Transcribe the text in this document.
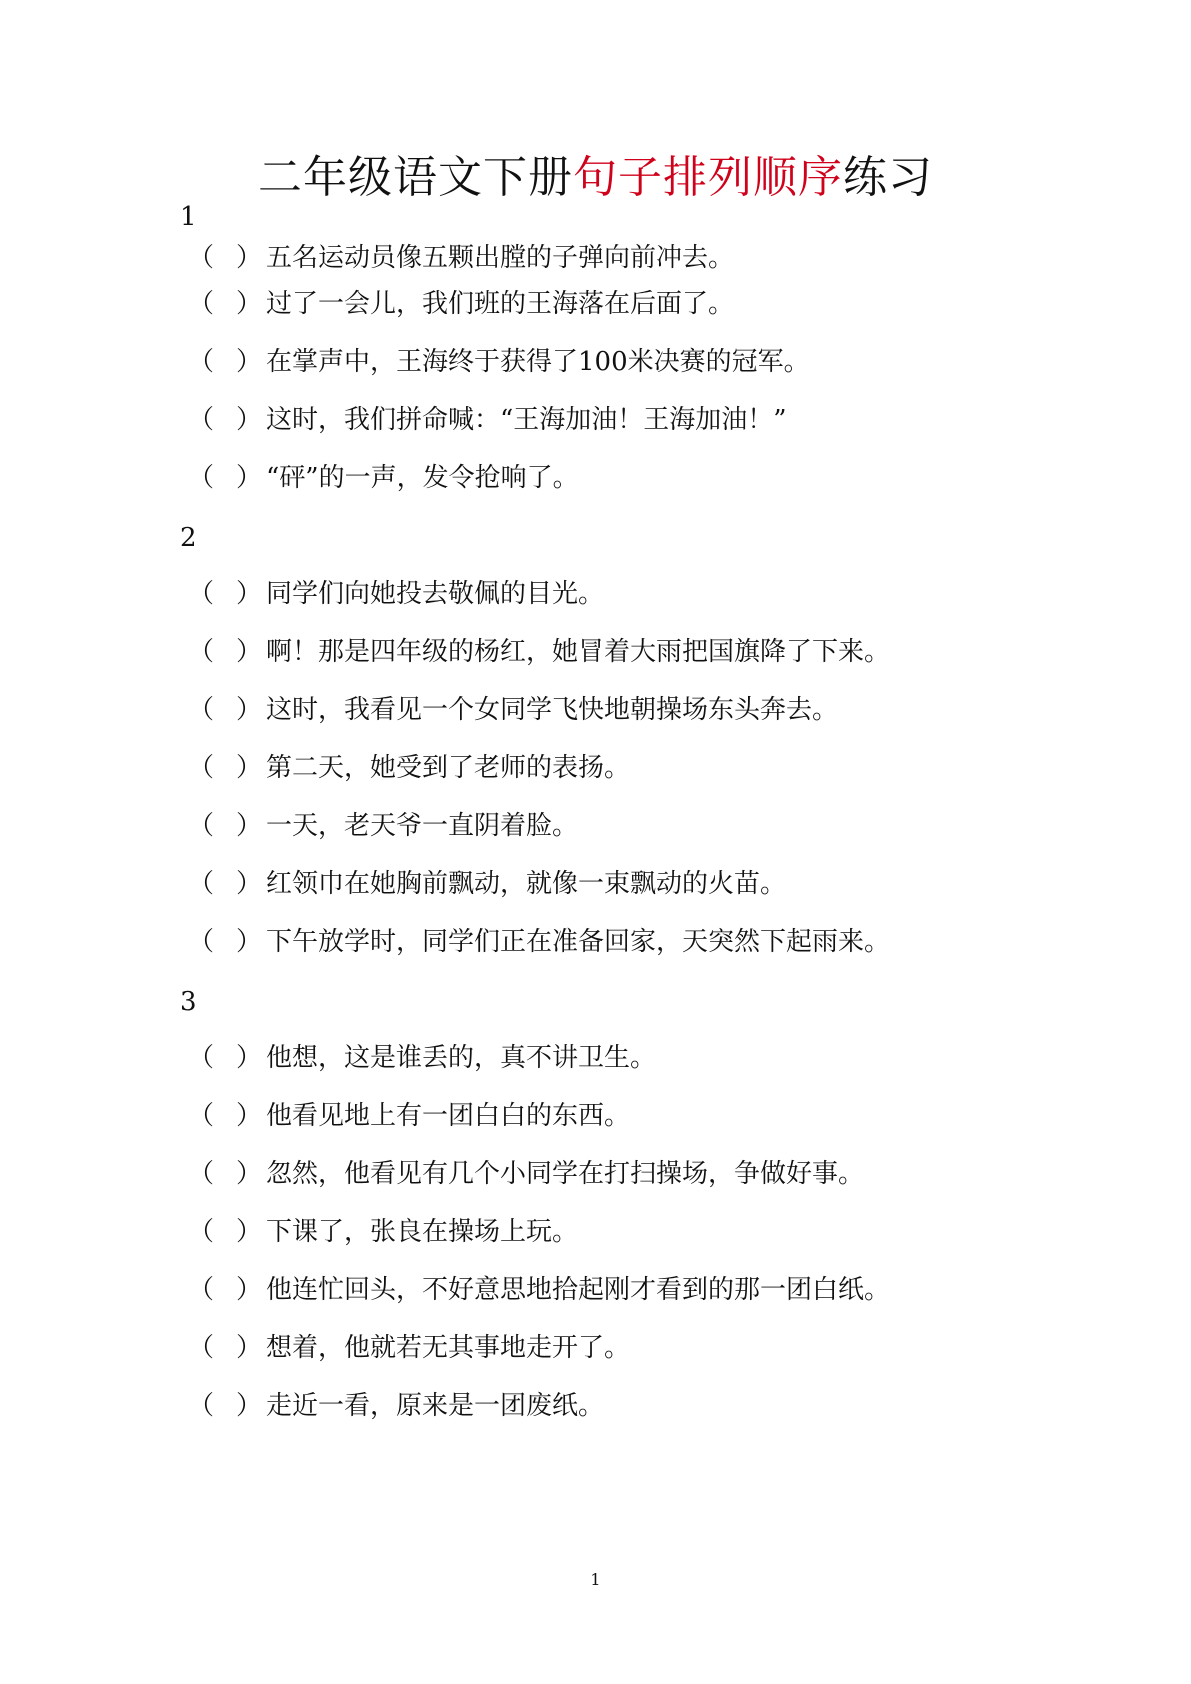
二年级语文下册句子排列顺序练习
1
（ ） 五名运动员像五颗出膛的子弹向前冲去。
（ ） 过了一会儿，我们班的王海落在后面了。
（ ） 在掌声中，王海终于获得了100米决赛的冠军。
（ ） 这时，我们拼命喊：“王海加油！王海加油！”
（ ） “砰”的一声，发令抢响了。
2
（ ） 同学们向她投去敬佩的目光。
（ ） 啊！那是四年级的杨红，她冒着大雨把国旗降了下来。
（ ） 这时，我看见一个女同学飞快地朝操场东头奔去。
（ ） 第二天，她受到了老师的表扬。
（ ） 一天，老天爷一直阴着脸。
（ ） 红领巾在她胸前飘动，就像一束飘动的火苗。
（ ） 下午放学时，同学们正在准备回家，天突然下起雨来。
3
（ ） 他想，这是谁丢的，真不讲卫生。
（ ） 他看见地上有一团白白的东西。
（ ） 忽然，他看见有几个小同学在打扫操场，争做好事。
（ ） 下课了，张良在操场上玩。
（ ） 他连忙回头，不好意思地拾起刚才看到的那一团白纸。
（ ） 想着，他就若无其事地走开了。
（ ） 走近一看，原来是一团废纸。
1
